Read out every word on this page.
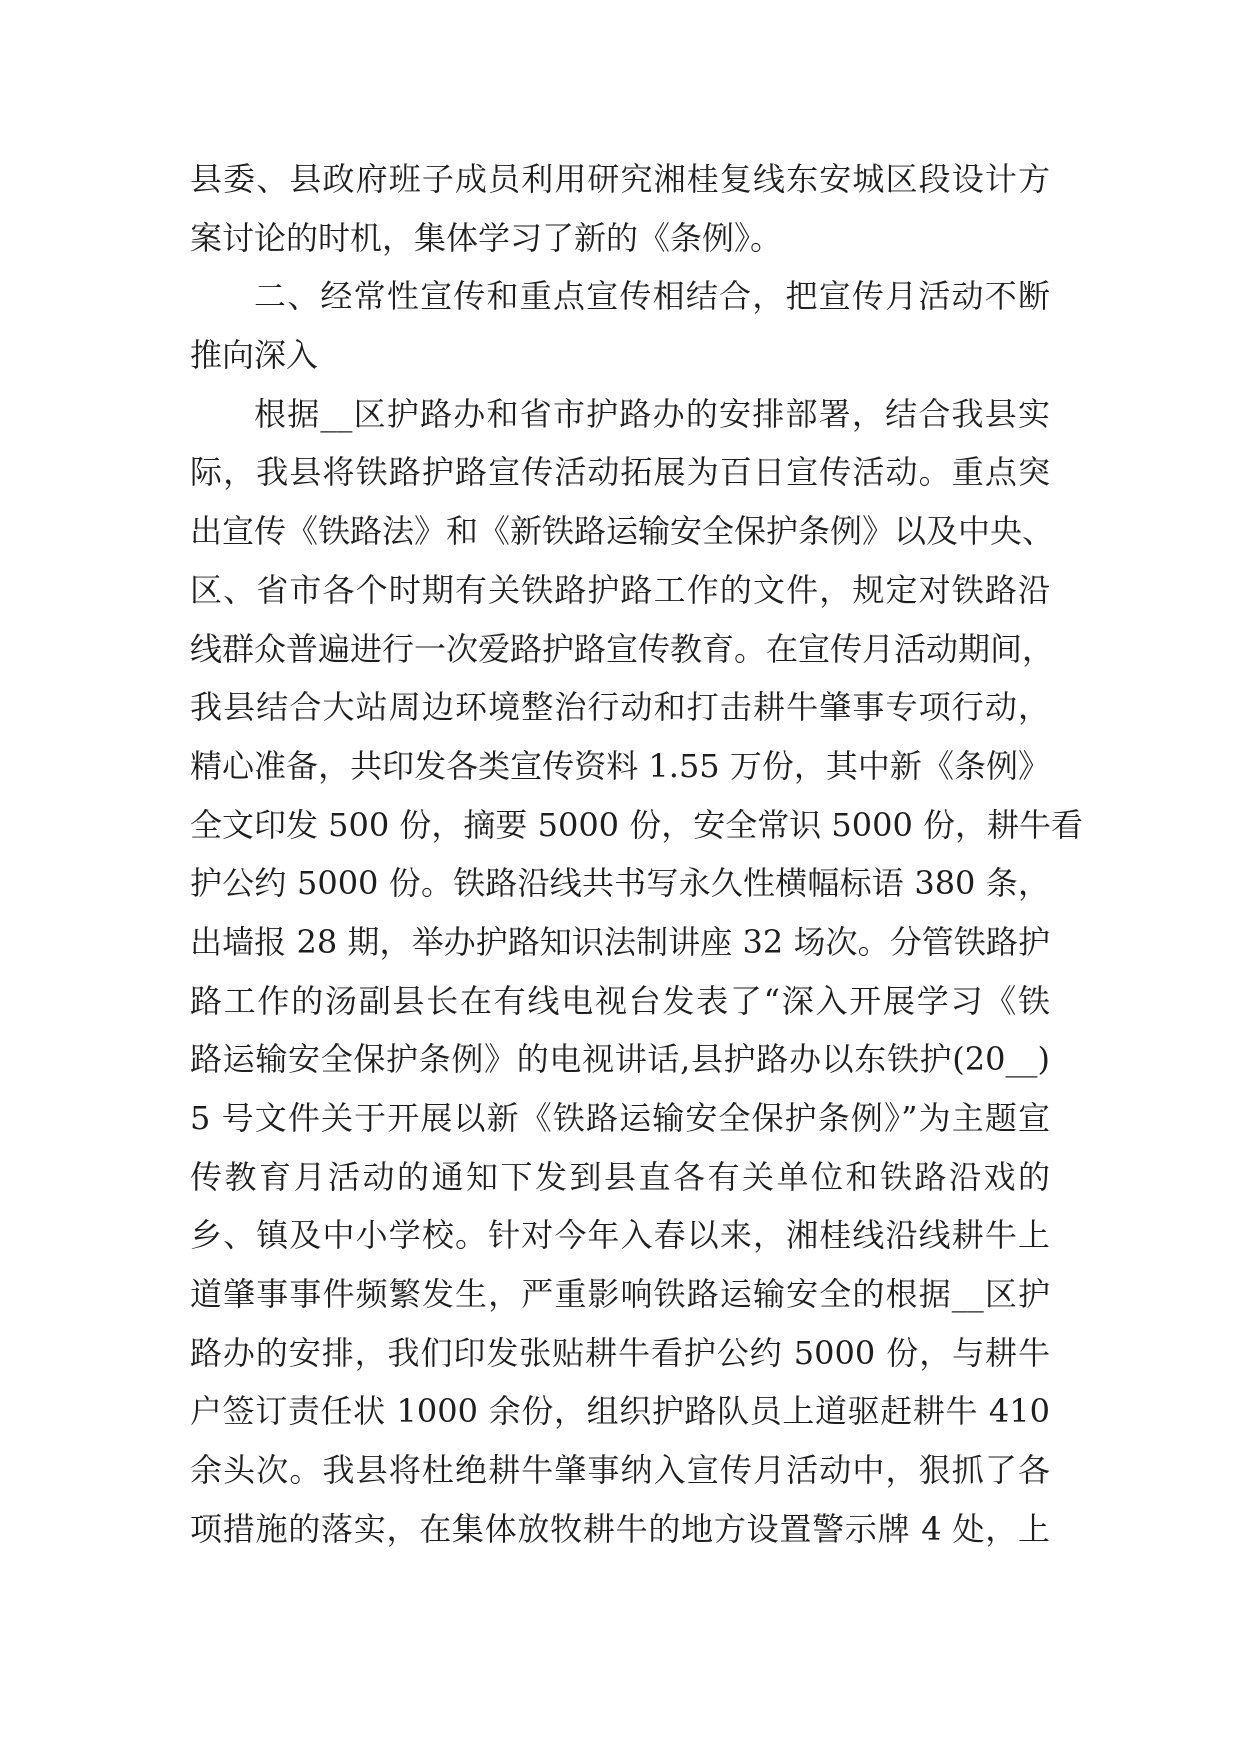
县委、县政府班子成员利用研究湘桂复线东安城区段设计方
案讨论的时机，集体学习了新的《条例》。
二、经常性宣传和重点宣传相结合，把宣传月活动不断
推向深入
根据__区护路办和省市护路办的安排部署，结合我县实
际，我县将铁路护路宣传活动拓展为百日宣传活动。重点突
出宣传《铁路法》和《新铁路运输安全保护条例》以及中央、
区、省市各个时期有关铁路护路工作的文件，规定对铁路沿
线群众普遍进行一次爱路护路宣传教育。在宣传月活动期间，
我县结合大站周边环境整治行动和打击耕牛肇事专项行动，
精心准备，共印发各类宣传资料 1.55 万份，其中新《条例》
全文印发 500 份，摘要 5000 份，安全常识 5000 份，耕牛看
护公约 5000 份。铁路沿线共书写永久性横幅标语 380 条，
出墙报 28 期，举办护路知识法制讲座 32 场次。分管铁路护
路工作的汤副县长在有线电视台发表了“深入开展学习《铁
路运输安全保护条例》的电视讲话,县护路办以东铁护(20__)
5 号文件关于开展以新《铁路运输安全保护条例》”为主题宣
传教育月活动的通知下发到县直各有关单位和铁路沿戏的
乡、镇及中小学校。针对今年入春以来，湘桂线沿线耕牛上
道肇事事件频繁发生，严重影响铁路运输安全的根据__区护
路办的安排，我们印发张贴耕牛看护公约 5000 份，与耕牛
户签订责任状 1000 余份，组织护路队员上道驱赶耕牛 410
余头次。我县将杜绝耕牛肇事纳入宣传月活动中，狠抓了各
项措施的落实，在集体放牧耕牛的地方设置警示牌 4 处，上
